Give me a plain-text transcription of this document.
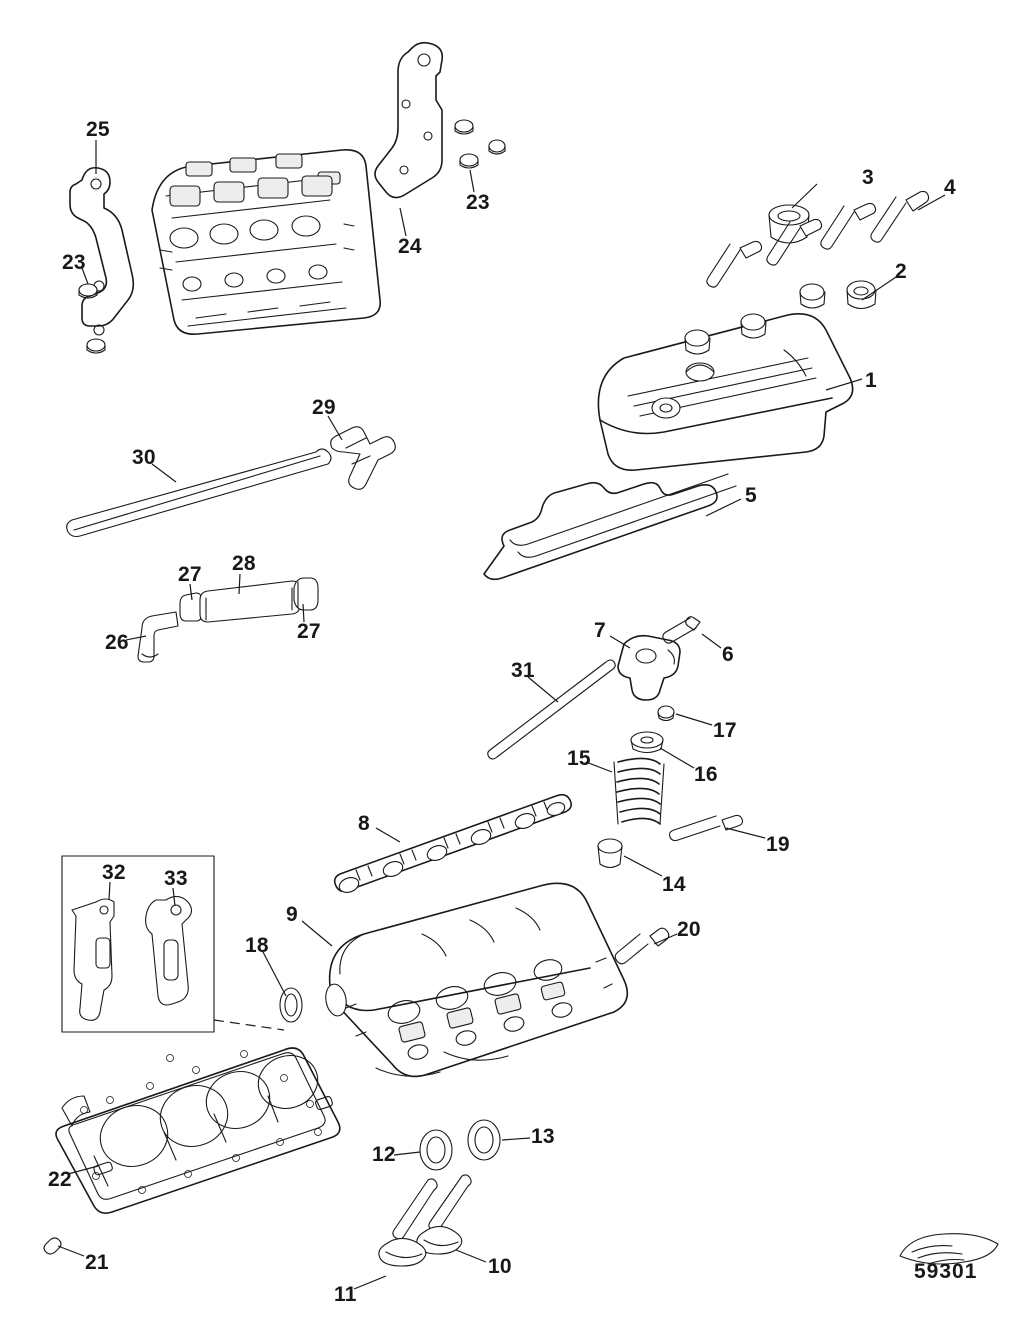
3	4
2
1
5
6
7
8
9
10
11
12
13
14
15
16
17
18
19
20
21
22
23
23
24
25
26
27
27
28
29
30
31
32 33
59301
